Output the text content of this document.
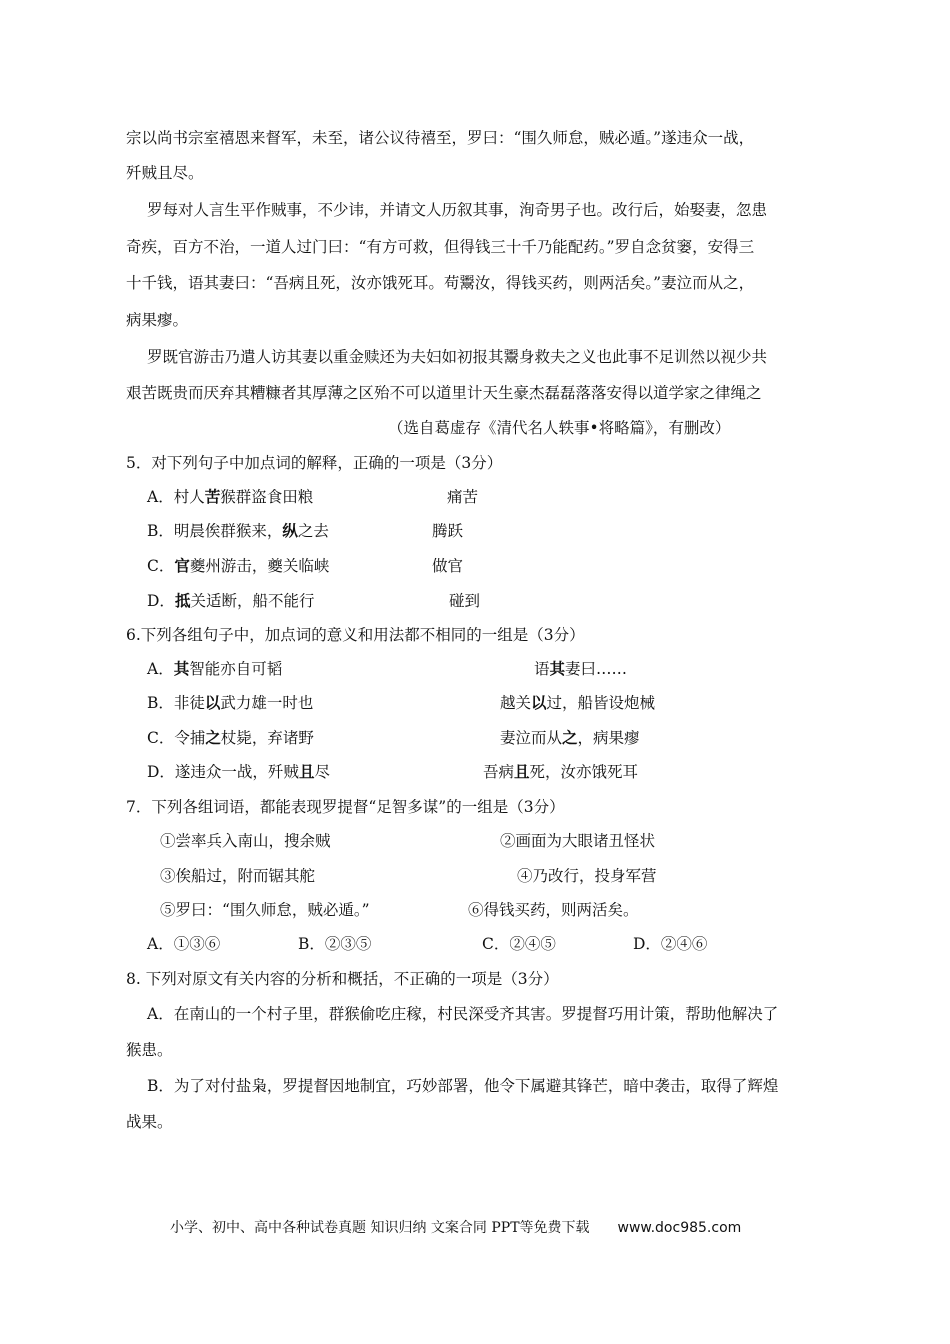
宗以尚书宗室禧恩来督军，未至，诸公议待禧至，罗曰：“围久师怠，贼必遁。”遂违众一战，
歼贼且尽。
罗每对人言生平作贼事，不少讳，并请文人历叙其事，洵奇男子也。改行后，始娶妻，忽患
奇疾，百方不治，一道人过门曰：“有方可救，但得钱三十千乃能配药。”罗自念贫窭，安得三
十千钱，语其妻曰：“吾病且死，汝亦饿死耳。苟鬻汝，得钱买药，则两活矣。”妻泣而从之，
病果瘳。
罗既官游击乃遣人访其妻以重金赎还为夫妇如初报其鬻身救夫之义也此事不足训然以视少共
艰苦既贵而厌弃其糟糠者其厚薄之区殆不可以道里计天生豪杰磊磊落落安得以道学家之律绳之
（选自葛虚存《清代名人轶事•将略篇》，有删改）
5．对下列句子中加点词的解释，正确的一项是（3分）
A．村人苦猴群盗食田粮	痛苦
B．明晨俟群猴来，纵之去	腾跃
C．官夔州游击，夔关临峡	做官
D．抵关适断，船不能行	碰到
6.下列各组句子中，加点词的意义和用法都不相同的一组是（3分）
A．其智能亦自可韬	语其妻曰……
B．非徒以武力雄一时也	越关以过，船皆设炮械
C．令捕之杖毙，弃诸野	妻泣而从之，病果瘳
D．遂违众一战，歼贼且尽	吾病且死，汝亦饿死耳
7．下列各组词语，都能表现罗提督“足智多谋”的一组是（3分）
①尝率兵入南山，搜余贼	②画面为大眼诸丑怪状
③俟船过，附而锯其舵	④乃改行，投身军营
⑤罗曰：“围久师怠，贼必遁。”	⑥得钱买药，则两活矣。
A．①③⑥	B．②③⑤	C．②④⑤	D．②④⑥
8. 下列对原文有关内容的分析和概括，不正确的一项是（3分）
A．在南山的一个村子里，群猴偷吃庄稼，村民深受齐其害。罗提督巧用计策，帮助他解决了
猴患。
B．为了对付盐枭，罗提督因地制宜，巧妙部署，他令下属避其锋芒，暗中袭击，取得了辉煌
战果。
小学、初中、高中各种试卷真题 知识归纳 文案合同 PPT等免费下载 www.doc985.com
